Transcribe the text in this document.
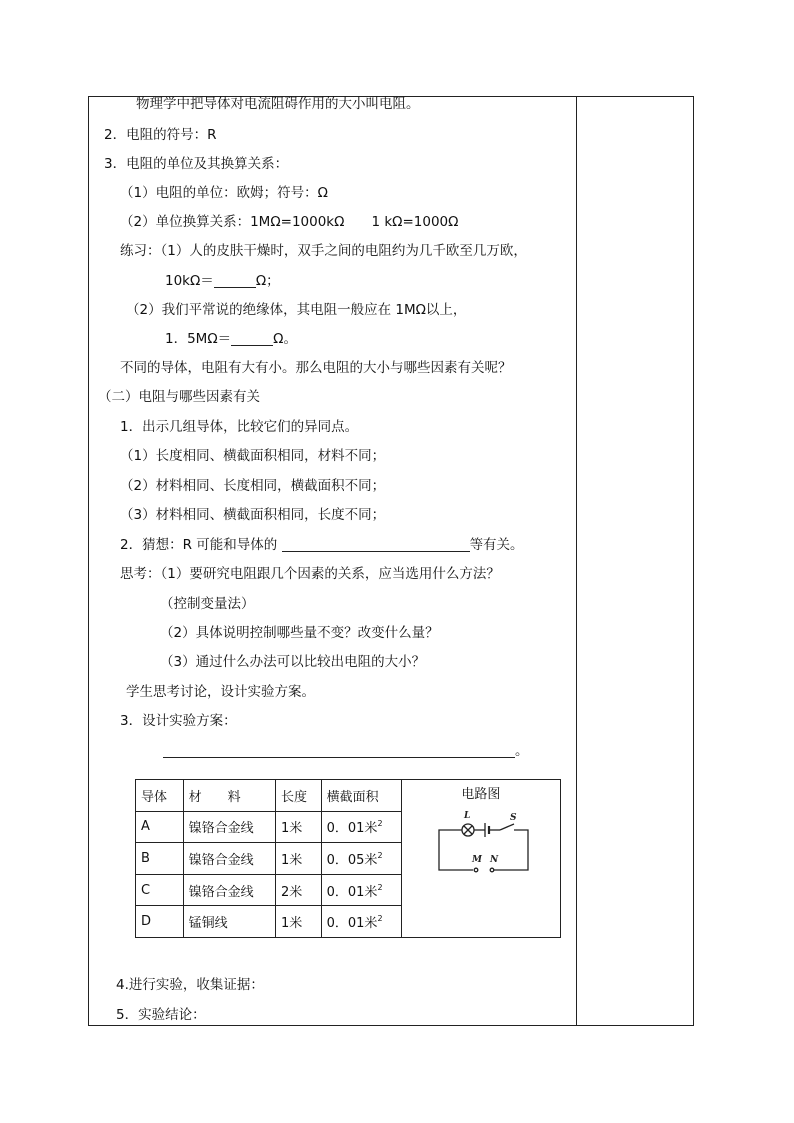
物理学中把导体对电流阻碍作用的大小叫电阻。
2．电阻的符号：R
3．电阻的单位及其换算关系：
（1）电阻的单位：欧姆；符号：Ω
（2）单位换算关系：1MΩ=1000kΩ　　1 kΩ=1000Ω
练习：（1）人的皮肤干燥时，双手之间的电阻约为几千欧至几万欧，
10kΩ＝	Ω；
（2）我们平常说的绝缘体，其电阻一般应在 1MΩ以上，
1．5MΩ＝	Ω。
不同的导体，电阻有大有小。那么电阻的大小与哪些因素有关呢？
（二）电阻与哪些因素有关
1．出示几组导体，比较它们的异同点。
（1）长度相同、横截面积相同，材料不同；
（2）材料相同、长度相同，横截面积不同；
（3）材料相同、横截面积相同，长度不同；
2．猜想：R 可能和导体的	等有关。
思考：（1）要研究电阻跟几个因素的关系，应当选用什么方法？
（控制变量法）
（2）具体说明控制哪些量不变？改变什么量？
（3）通过什么办法可以比较出电阻的大小？
学生思考讨论，设计实验方案。
3．设计实验方案：
。
导体	材　　料	长度	横截面积	电路图
L S
M N

A	镍铬合金线	1米	0．01米$^2$
B	镍铬合金线	1米	0．05米$^2$
C	镍铬合金线	2米	0．01米$^2$
D	锰铜线	1米	0．01米$^2$
4.进行实验，收集证据：
5．实验结论：
